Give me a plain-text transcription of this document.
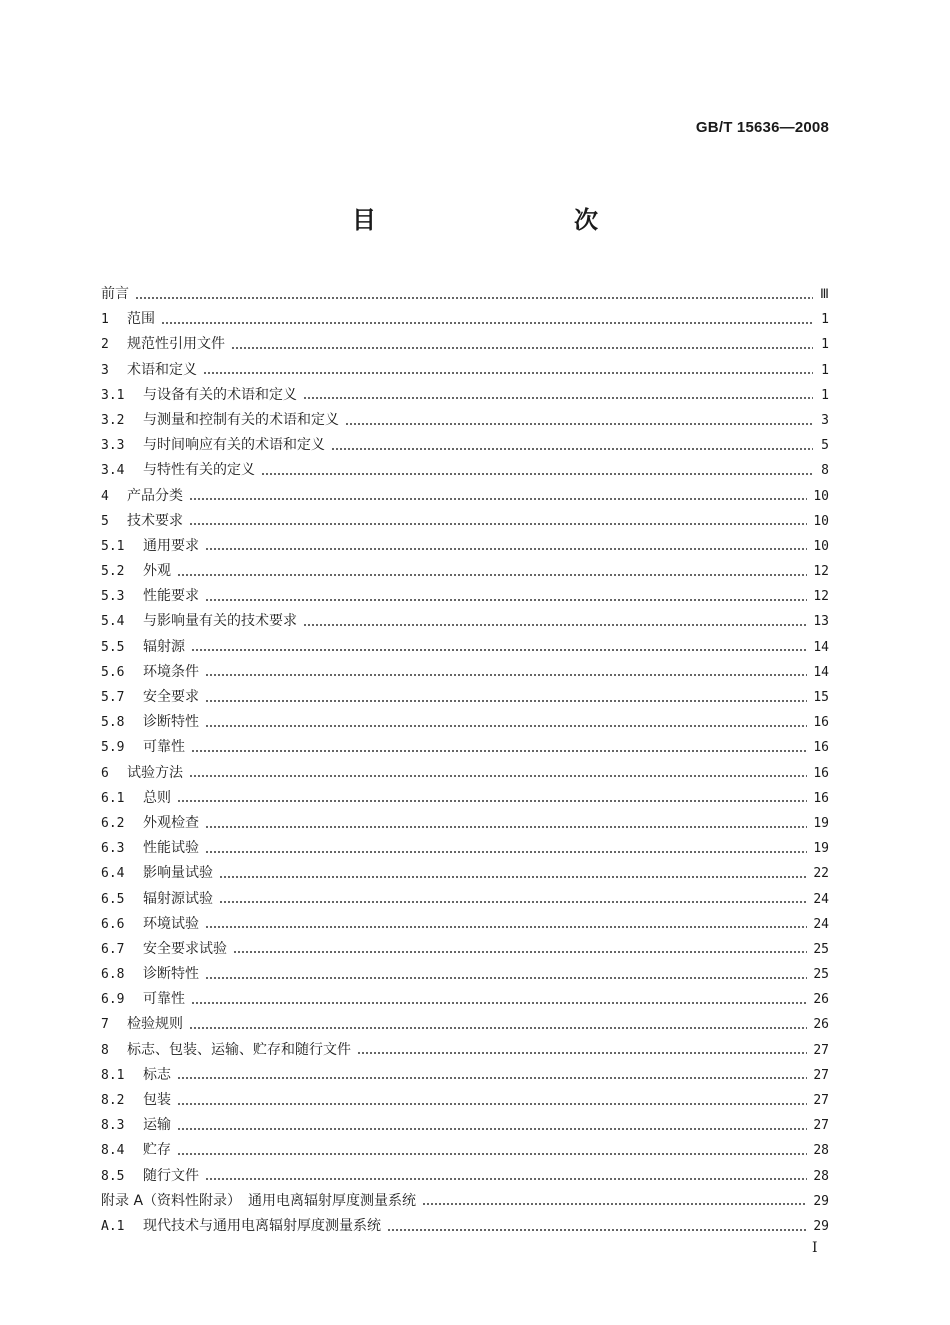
GB/T 15636—2008
目　　次
前言	Ⅲ
1	范围	1
2	规范性引用文件	1
3	术语和定义	1
3.1	与设备有关的术语和定义	1
3.2	与测量和控制有关的术语和定义	3
3.3	与时间响应有关的术语和定义	5
3.4	与特性有关的定义	8
4	产品分类	10
5	技术要求	10
5.1	通用要求	10
5.2	外观	12
5.3	性能要求	12
5.4	与影响量有关的技术要求	13
5.5	辐射源	14
5.6	环境条件	14
5.7	安全要求	15
5.8	诊断特性	16
5.9	可靠性	16
6	试验方法	16
6.1	总则	16
6.2	外观检查	19
6.3	性能试验	19
6.4	影响量试验	22
6.5	辐射源试验	24
6.6	环境试验	24
6.7	安全要求试验	25
6.8	诊断特性	25
6.9	可靠性	26
7	检验规则	26
8	标志、包装、运输、贮存和随行文件	27
8.1	标志	27
8.2	包装	27
8.3	运输	27
8.4	贮存	28
8.5	随行文件	28
附录 A（资料性附录）　通用电离辐射厚度测量系统	29
A.1	现代技术与通用电离辐射厚度测量系统	29
I
